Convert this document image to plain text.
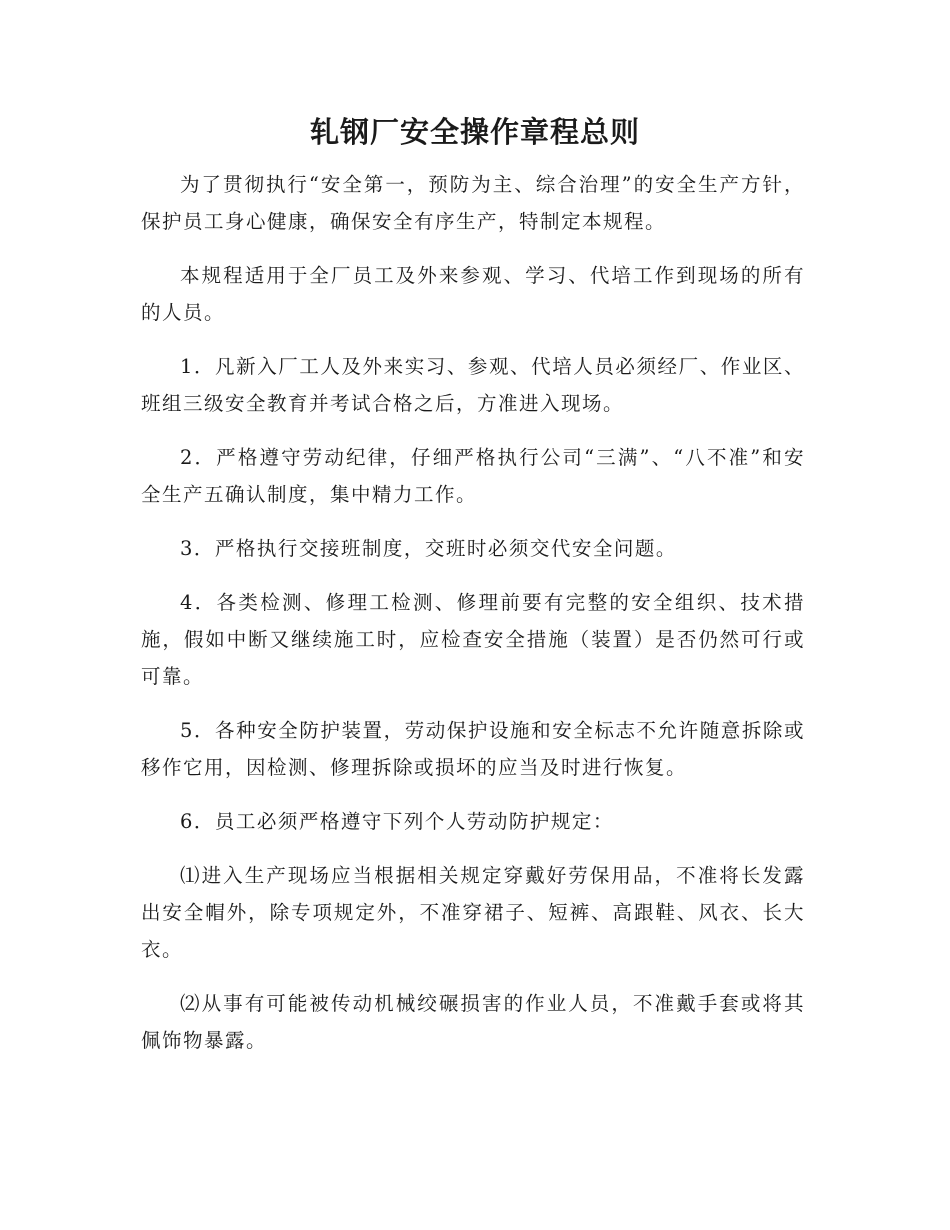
轧钢厂安全操作章程总则

为了贯彻执行“安全第一，预防为主、综合治理”的安全生产方针，保护员工身心健康，确保安全有序生产，特制定本规程。

本规程适用于全厂员工及外来参观、学习、代培工作到现场的所有的人员。

1．凡新入厂工人及外来实习、参观、代培人员必须经厂、作业区、班组三级安全教育并考试合格之后，方准进入现场。

2．严格遵守劳动纪律，仔细严格执行公司“三满”、“八不准”和安全生产五确认制度，集中精力工作。

3．严格执行交接班制度，交班时必须交代安全问题。

4．各类检测、修理工检测、修理前要有完整的安全组织、技术措施，假如中断又继续施工时，应检查安全措施（装置）是否仍然可行或可靠。

5．各种安全防护装置，劳动保护设施和安全标志不允许随意拆除或移作它用，因检测、修理拆除或损坏的应当及时进行恢复。

6．员工必须严格遵守下列个人劳动防护规定：

⑴进入生产现场应当根据相关规定穿戴好劳保用品，不准将长发露出安全帽外，除专项规定外，不准穿裙子、短裤、高跟鞋、风衣、长大衣。

⑵从事有可能被传动机械绞碾损害的作业人员，不准戴手套或将其佩饰物暴露。
